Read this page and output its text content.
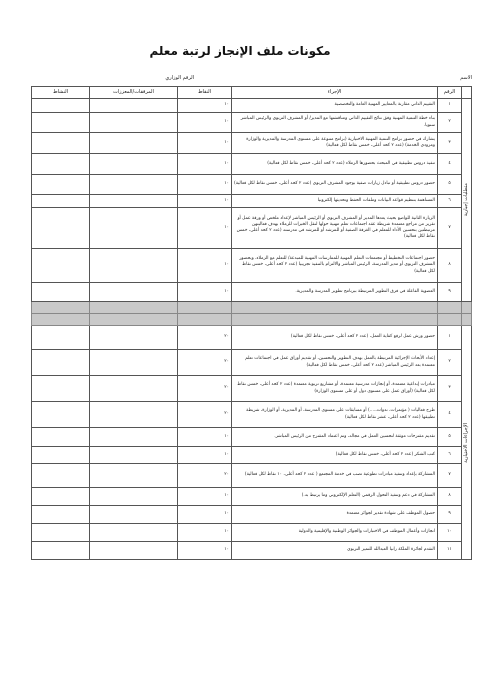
مكونات ملف الإنجاز لرتبة معلم
الاسم
الرقم الوزاري
	الرقم	الإجراء	النقاط	المرفقات/المعززات	النشاط

متطلبات إجبارية	١	التقييم الذاتي مقارنة بالمعايير المهنية العامة والتخصصية	١٠		
	٢	بناء خطة التنمية المهنية وفق نتائج التقييم الذاتي ومناقشتها مع المدير/ أو المشرف التربوي والرئيس المباشر سنويا.	١٠		
	٣	يشارك في حضور برامج التنمية المهنية الاختيارية (برامج متنوعة على مستوى المدرسة والمديرية والوزارة ومزودي الخدمة) (عدد ٢ كحد أعلى، خمس نقاط لكل فعالية)	١٠		
	٤	تنفيذ دروس تطبيقية في المبحث بحضورها الزملاء (عدد ٢ كحد أعلى، خمس نقاط لكل فعالية)	١٠		
	٥	حضور دروس تطبيقية أو تبادل زيارات صفية بوجود المشرف التربوي (عدد ٢ كحد أعلى، خمس نقاط لكل فعالية)	١٠		
	٦	المساهمة بتنظيم قواعد البيانات وملفات الحفظ وتحديثها إلكترونيا	١٠		
	٧	الزيارة الثانية للواضع بحيث يعدها المدير أو المشرف التربوي أو الرئيس المباشر لإعداد ملخص أو ورقة عمل أو تقرير من مراجع معتمدة شريطة عقد اجتماعات تعلم مهنية حولها لنقل الخبرات للزملاء بهدف فعاليتهن مرتبطتين بتحسين الأداء للمعلم في الغرفة الصفية أو للمرشد أو للمرشد في مدرسته (عدد ٢ كحد أعلى، خمس نقاط لكل فعالية)	١٠		
	٨	حضور اجتماعات التخطيط أو مجتمعات التعلم المهنية للممارسات المهنية للمبدعة/ للتعلم مع الزملاء، وبحضور المشرف التربوي أو مدير المدرسة، الرئيس المباشر والالتزام بالتنفيذ تجريبيا (عدد ٢ كحد أعلى، خمس نقاط لكل فعالية)	١٠		
	٩	العضوية الفاعلة في فرق التطوير المرتبطة ببرنامج تطوير المدرسة والمديرية.	١٠		

الإجراءات الاختيارية	١	حضور ورش عمل لرفع كفاية العمل، (عدد ٢ كحد أعلى، خمس نقاط لكل فعالية)	٢٠		
	٢	إعداد الأبحاث الإجرائية المرتبطة بالعمل بهدف التطوير والتحسين، أو تقديم أوراق عمل في اجتماعات تعلم معتمدة بعد الرئيس المباشر (عدد ٢ كحد أعلى، خمس نقاط لكل فعالية)	٢٠		
	٣	مبادرات إبداعية معتمدة، أو إنجازات مدرسية معتمدة، أو مشاريع تربوية معتمدة (عدد ٢ كحد أعلى، خمس نقاط لكل فعالية) (أوراق عمل على مستوى دول أو على مستوى الوزارة)	٢٠		
	٤	طرح فعاليات ( مؤتمرات، ندوات،....) أو مسابقات على مستوى المدرسة، أو المديرية، أو الوزارة، شريطة تطبيقها (عدد ٢ كحد أعلى، عشر نقاط لكل فعالية)	٢٠		
	٥	تقديم مقترحات موثقة لتحسين العمل في مجاله، وتم اعتماد المقترح من الرئيس المباشر.	١٠		
	٦	كتب الشكر (عدد ٢ كحد أعلى، خمس نقاط لكل فعالية)	١٠		
	٧	المشاركة بإعداد وتنفيذ مبادرات تطوعية تصب في خدمة المجتمع ( عدد ٢ كحد أعلى، ١٠ نقاط لكل فعالية)	٢٠		
	٨	المشاركة في دعم وتنفيذ التحول الرقمي (التعلم الإلكتروني وما يرتبط به.)	١٠		
	٩	حصول الموظف على شهادة تقدير لجوائز معتمدة	١٠		
	١٠	انجازات وأعمال الموظف في الاختبارات والجوائز الوطنية والإقليمية والدولية	١٠		
	١١	التقدم لجائزة الملكة رانيا العبدالله للتميز التربوي	١٠		
